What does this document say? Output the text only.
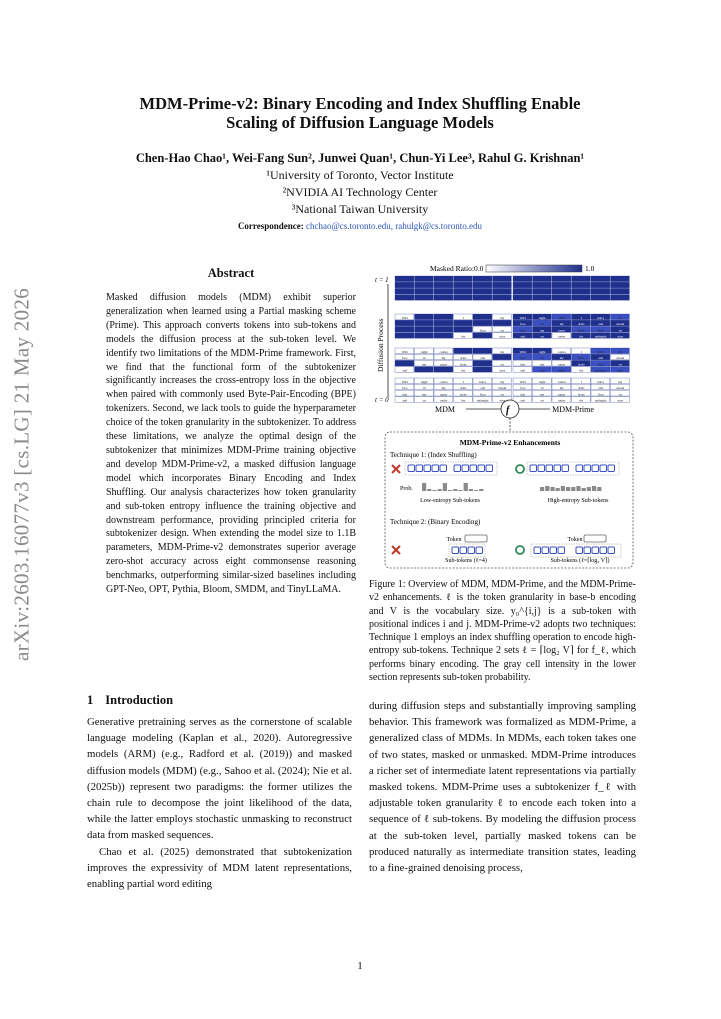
arXiv:2603.16077v3 [cs.LG] 21 May 2026
MDM-Prime-v2: Binary Encoding and Index Shuffling Enable
Scaling of Diffusion Language Models
Chen-Hao Chao¹, Wei-Fang Sun², Junwei Quan¹, Chun-Yi Lee³, Rahul G. Krishnan¹
¹University of Toronto, Vector Institute
²NVIDIA AI Technology Center
³National Taiwan University
Correspondence: chchao@cs.toronto.edu, rahulgk@cs.toronto.edu
Abstract
Masked diffusion models (MDM) exhibit superior generalization when learned using a Partial masking scheme (Prime). This approach converts tokens into sub-tokens and models the diffusion process at the sub-token level. We identify two limitations of the MDM-Prime framework. First, we find that the functional form of the subtokenizer significantly increases the cross-entropy loss in the objective when paired with commonly used Byte-Pair-Encoding (BPE) tokenizers. Second, we lack tools to guide the hyperparameter choice of the token granularity in the subtokenizer. To address these limitations, we analyze the optimal design of the subtokenizer that minimizes MDM-Prime training objective and develop MDM-Prime-v2, a masked diffusion language model which incorporates Binary Encoding and Index Shuffling. Our analysis characterizes how token granularity and sub-token entropy influence the training objective and downstream performance, providing principled criteria for subtokenizer design. When extending the model size to 1.1B parameters, MDM-Prime-v2 demonstrates superior average zero-shot accuracy across eight commonsense reasoning benchmarks, outperforming similar-sized baselines including GPT-Neo, OPT, Pythia, Bloom, SMDM, and TinyLLaMA.
Masked Ratio: 0.0	1.0
t = 1
t = 0
Diffusion Process
Wild	I	my
float	on
the	stars
Wild	night	comes	my
face	in	my	arms	and
my	paper	boats	on
and	the	stars
Wild	night	comes	I	burry	my
face	in	my	arms	and	dream
that	my	paper	boats	float	on
and	on	under	the	midnight	stars
Wild	night	comes	I	burry	my
face	in	my	arms	and	dream
that	my	paper	boats	float	on
and	on	under	the	midnight	stars
Wild	night	comes	I	burry	my
face	in	my	arms	and	dream
that	my	paper	boats	float	on
and	on	under	the	midnight	stars
Wild	night	comes	I	burry	my
face	in	my	arms	and	dream
that	my	paper	boats	float	on
and	on	under	the	midnight	stars
MDM	MDM-Prime
f
MDM-Prime-v2 Enhancements
Technique 1: (Index Shuffling)
Technique 2: (Binary Encoding)
Prob.
Low-entropy Sub-tokens	High-entropy Sub-tokens
Token	Token
Sub-tokens (ℓ=4)	Sub-tokens (ℓ=⌈log₂ V⌉)
Figure 1: Overview of MDM, MDM-Prime, and the MDM-Prime-v2 enhancements. ℓ is the token granularity in base-b encoding and V is the vocabulary size. y₀^{i,j} is a sub-token with positional indices i and j. MDM-Prime-v2 adopts two techniques: Technique 1 employs an index shuffling operation to encode high-entropy sub-tokens. Technique 2 sets ℓ = ⌈log₂ V⌉ for f_ℓ, which performs binary encoding. The gray cell intensity in the lower section represents sub-token probability.
1 Introduction
Generative pretraining serves as the cornerstone of scalable language modeling (Kaplan et al., 2020). Autoregressive models (ARM) (e.g., Radford et al. (2019)) and masked diffusion models (MDM) (e.g., Sahoo et al. (2024); Nie et al. (2025b)) represent two paradigms: the former utilizes the chain rule to decompose the joint likelihood of the data, while the latter employs stochastic unmasking to reconstruct data from masked sequences.
Chao et al. (2025) demonstrated that subtokenization improves the expressivity of MDM latent representations, enabling partial word editing
during diffusion steps and substantially improving sampling behavior. This framework was formalized as MDM-Prime, a generalized class of MDMs. In MDMs, each token takes one of two states, masked or unmasked. MDM-Prime introduces a richer set of intermediate latent representations via partially masked tokens. MDM-Prime uses a subtokenizer f_ℓ with adjustable token granularity ℓ to encode each token into a sequence of ℓ sub-tokens. By modeling the diffusion process at the sub-token level, partially masked tokens can be produced naturally as intermediate transition states, leading to a fine-grained denoising process,
1
